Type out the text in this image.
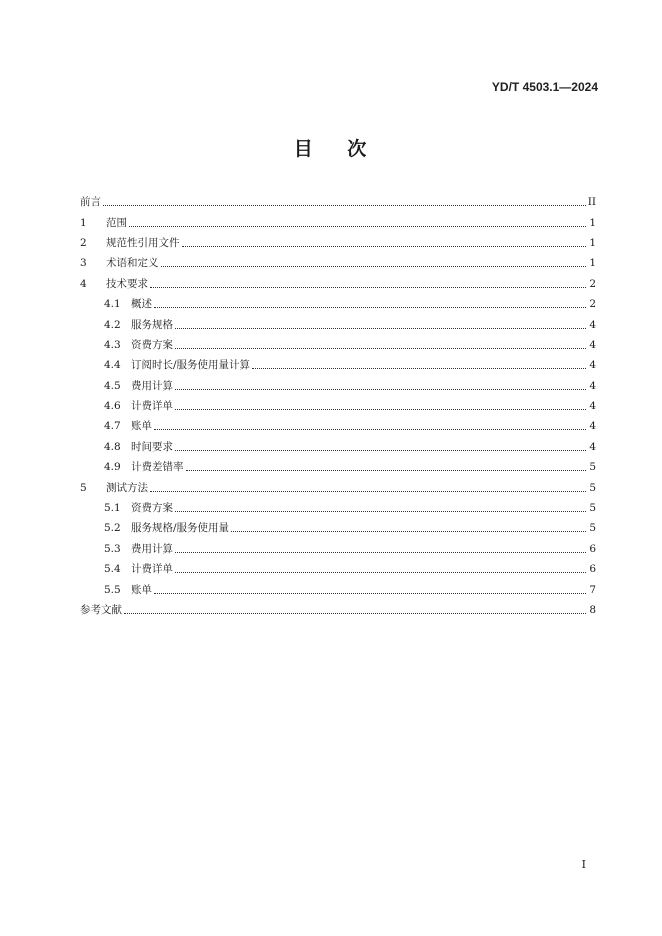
YD/T 4503.1—2024
目 次
前言	II
1	范围	1
2	规范性引用文件	1
3	术语和定义	1
4	技术要求	2
4.1 概述	2
4.2 服务规格	4
4.3 资费方案	4
4.4 订阅时长/服务使用量计算	4
4.5 费用计算	4
4.6 计费详单	4
4.7 账单	4
4.8 时间要求	4
4.9 计费差错率	5
5	测试方法	5
5.1 资费方案	5
5.2 服务规格/服务使用量	5
5.3 费用计算	6
5.4 计费详单	6
5.5 账单	7
参考文献	8
I
